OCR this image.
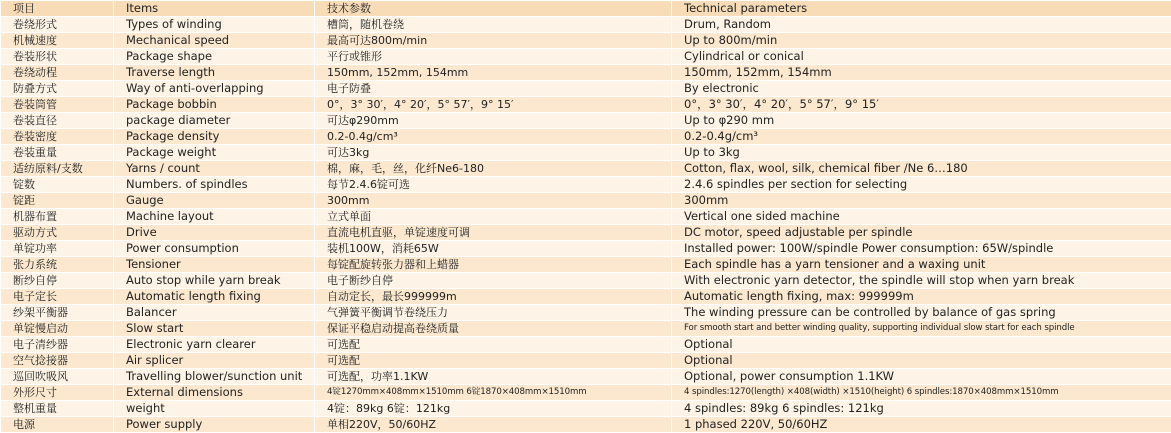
项目	Items	技术参数	Technical parameters
卷绕形式	Types of winding	槽筒，随机卷绕	Drum, Random
机械速度	Mechanical speed	最高可达800m/min	Up to 800m/min
卷装形状	Package shape	平行或锥形	Cylindrical or conical
卷绕动程	Traverse length	150mm, 152mm, 154mm	150mm, 152mm, 154mm
防叠方式	Way of anti-overlapping	电子防叠	By electronic
卷装筒管	Package bobbin	0°，3° 30′，4° 20′，5° 57′，9° 15′	0°，3° 30′，4° 20′，5° 57′，9° 15′
卷装直径	package diameter	可达φ290mm	Up to φ290 mm
卷装密度	Package density	0.2-0.4g/cm³	0.2-0.4g/cm³
卷装重量	Package weight	可达3kg	Up to 3kg
适纺原料/支数	Yarns / count	棉，麻，毛，丝，化纤Ne6-180	Cotton, flax, wool, silk, chemical fiber /Ne 6…180
锭数	Numbers. of spindles	每节2.4.6锭可选	2.4.6 spindles per section for selecting
锭距	Gauge	300mm	300mm
机器布置	Machine layout	立式单面	Vertical one sided machine
驱动方式	Drive	直流电机直驱，单锭速度可调	DC motor, speed adjustable per spindle
单锭功率	Power consumption	装机100W，消耗65W	Installed power: 100W/spindle Power consumption: 65W/spindle
张力系统	Tensioner	每锭配旋转张力器和上蜡器	Each spindle has a yarn tensioner and a waxing unit
断纱自停	Auto stop while yarn break	电子断纱自停	With electronic yarn detector, the spindle will stop when yarn break
电子定长	Automatic length fixing	自动定长，最长999999m	Automatic length fixing, max: 999999m
纱架平衡器	Balancer	气弹簧平衡调节卷绕压力	The winding pressure can be controlled by balance of gas spring
单锭慢启动	Slow start	保证平稳启动提高卷绕质量	For smooth start and better winding quality, supporting individual slow start for each spindle
电子清纱器	Electronic yarn clearer	可选配	Optional
空气捻接器	Air splicer	可选配	Optional
巡回吹吸风	Travelling blower/sunction unit	可选配，功率1.1KW	Optional, power consumption 1.1KW
外形尺寸	External dimensions	4锭1270mm×408mm×1510mm 6锭1870×408mm×1510mm	4 spindles:1270(length) ×408(width) ×1510(height) 6 spindles:1870×408mm×1510mm
整机重量	weight	4锭：89kg 6锭：121kg	4 spindles: 89kg 6 spindles: 121kg
电源	Power supply	单相220V，50/60HZ	1 phased 220V, 50/60HZ
